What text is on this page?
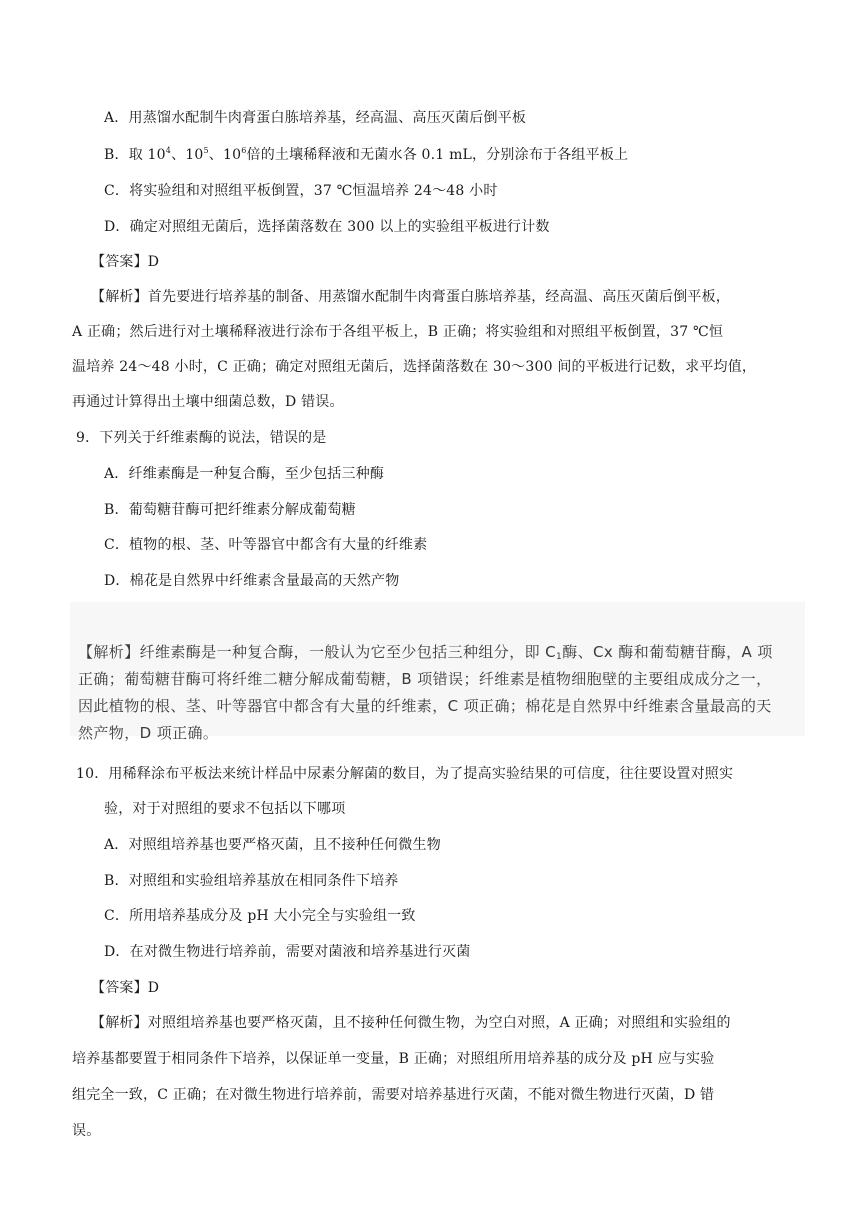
A．用蒸馏水配制牛肉膏蛋白胨培养基，经高温、高压灭菌后倒平板
B．取 $10^4$、$10^5$、$10^6$倍的土壤稀释液和无菌水各 0.1 mL，分别涂布于各组平板上
C．将实验组和对照组平板倒置，37 ℃恒温培养 24～48 小时
D．确定对照组无菌后，选择菌落数在 300 以上的实验组平板进行计数
【答案】D
【解析】首先要进行培养基的制备、用蒸馏水配制牛肉膏蛋白胨培养基，经高温、高压灭菌后倒平板，
A 正确；然后进行对土壤稀释液进行涂布于各组平板上，B 正确；将实验组和对照组平板倒置，37 ℃恒
温培养 24～48 小时，C 正确；确定对照组无菌后，选择菌落数在 30～300 间的平板进行记数，求平均值，
再通过计算得出土壤中细菌总数，D 错误。
9．下列关于纤维素酶的说法，错误的是
A．纤维素酶是一种复合酶，至少包括三种酶
B．葡萄糖苷酶可把纤维素分解成葡萄糖
C．植物的根、茎、叶等器官中都含有大量的纤维素
D．棉花是自然界中纤维素含量最高的天然产物
【解析】纤维素酶是一种复合酶，一般认为它至少包括三种组分，即 $C_1$酶、Cx 酶和葡萄糖苷酶，A 项
正确；葡萄糖苷酶可将纤维二糖分解成葡萄糖，B 项错误；纤维素是植物细胞壁的主要组成成分之一，
因此植物的根、茎、叶等器官中都含有大量的纤维素，C 项正确；棉花是自然界中纤维素含量最高的天
然产物，D 项正确。
10．用稀释涂布平板法来统计样品中尿素分解菌的数目，为了提高实验结果的可信度，往往要设置对照实
验，对于对照组的要求不包括以下哪项
A．对照组培养基也要严格灭菌，且不接种任何微生物
B．对照组和实验组培养基放在相同条件下培养
C．所用培养基成分及 pH 大小完全与实验组一致
D．在对微生物进行培养前，需要对菌液和培养基进行灭菌
【答案】D
【解析】对照组培养基也要严格灭菌，且不接种任何微生物，为空白对照，A 正确；对照组和实验组的
培养基都要置于相同条件下培养，以保证单一变量，B 正确；对照组所用培养基的成分及 pH 应与实验
组完全一致，C 正确；在对微生物进行培养前，需要对培养基进行灭菌，不能对微生物进行灭菌，D 错
误。
